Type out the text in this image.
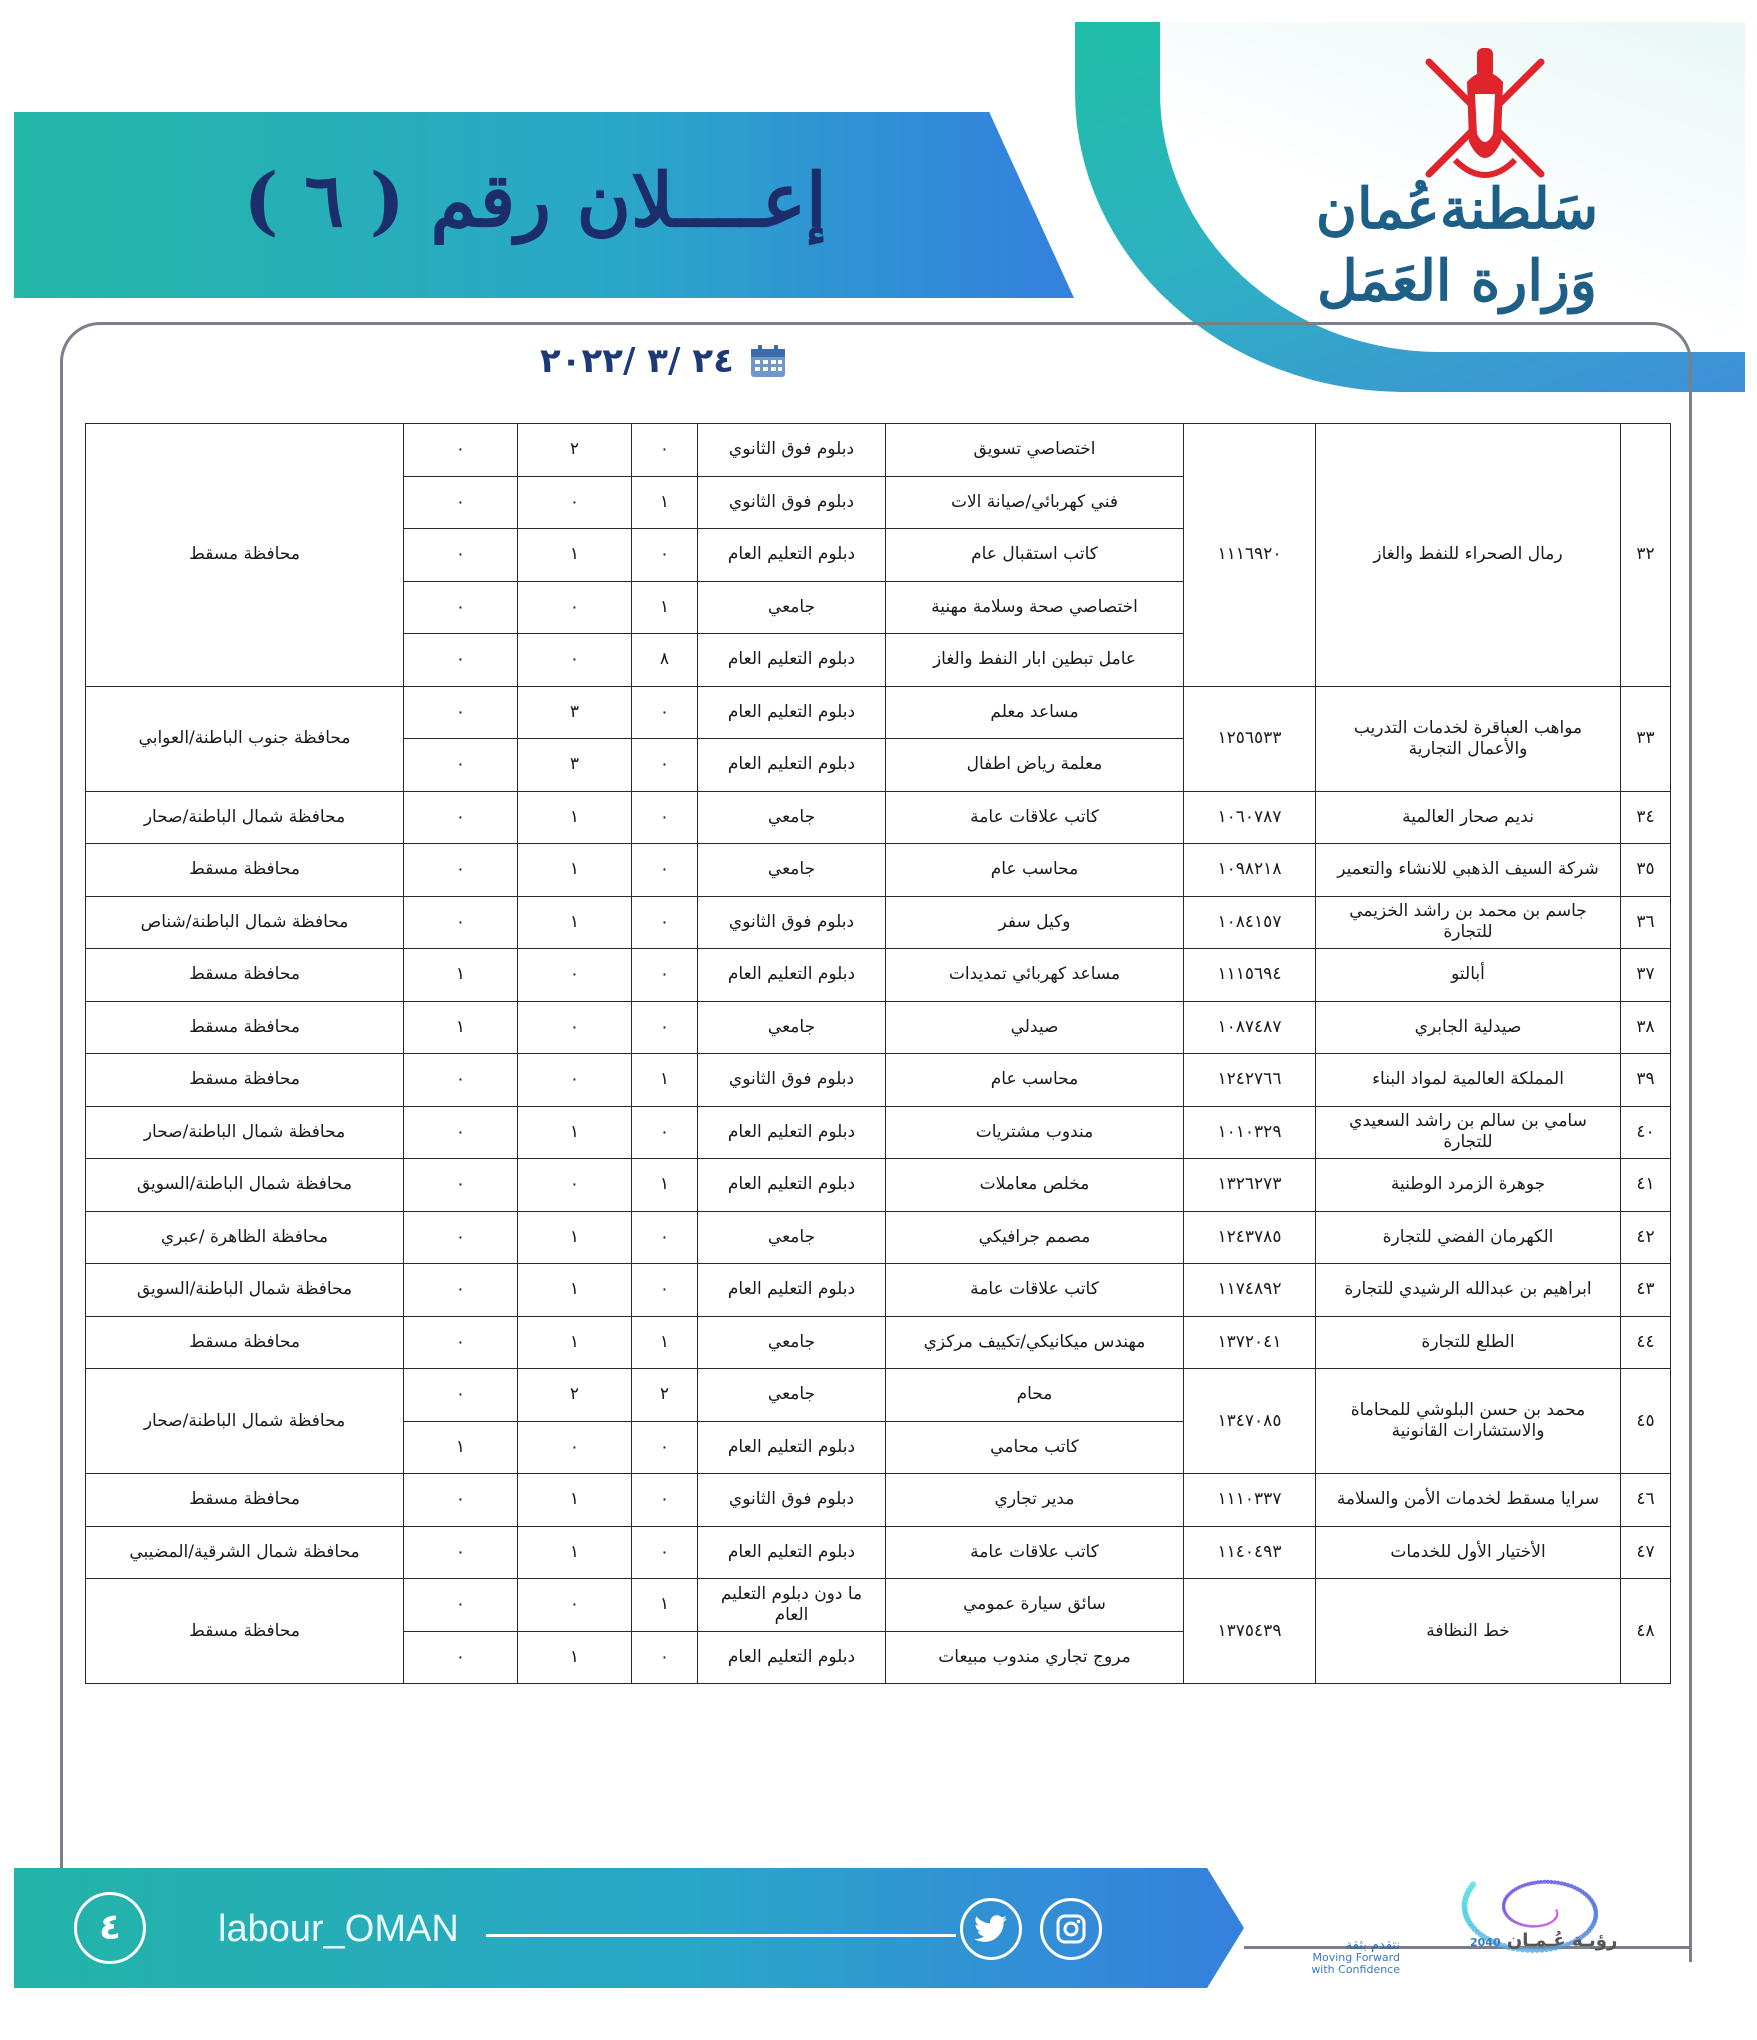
سَلطنةعُمان
وَزارة العَمَل
إعــــلان رقم ( ٦ )
٢٤ /٣ /٢٠٢٢
٣٢	رمال الصحراء للنفط والغاز	١١١٦٩٢٠	اختصاصي تسويق	دبلوم فوق الثانوي	٠	٢	٠	محافظة مسقط
			فني كهربائي/صيانة الات	دبلوم فوق الثانوي	١	٠	٠	
			كاتب استقبال عام	دبلوم التعليم العام	٠	١	٠	
			اختصاصي صحة وسلامة مهنية	جامعي	١	٠	٠	
			عامل تبطين ابار النفط والغاز	دبلوم التعليم العام	٨	٠	٠	
٣٣	مواهب العباقرة لخدمات التدريب والأعمال التجارية	١٢٥٦٥٣٣	مساعد معلم	دبلوم التعليم العام	٠	٣	٠	محافظة جنوب الباطنة/العوابي
			معلمة رياض اطفال	دبلوم التعليم العام	٠	٣	٠	
٣٤	نديم صحار العالمية	١٠٦٠٧٨٧	كاتب علاقات عامة	جامعي	٠	١	٠	محافظة شمال الباطنة/صحار
٣٥	شركة السيف الذهبي للانشاء والتعمير	١٠٩٨٢١٨	محاسب عام	جامعي	٠	١	٠	محافظة مسقط
٣٦	جاسم بن محمد بن راشد الخزيمي للتجارة	١٠٨٤١٥٧	وكيل سفر	دبلوم فوق الثانوي	٠	١	٠	محافظة شمال الباطنة/شناص
٣٧	أبالتو	١١١٥٦٩٤	مساعد كهربائي تمديدات	دبلوم التعليم العام	٠	٠	١	محافظة مسقط
٣٨	صيدلية الجابري	١٠٨٧٤٨٧	صيدلي	جامعي	٠	٠	١	محافظة مسقط
٣٩	المملكة العالمية لمواد البناء	١٢٤٢٧٦٦	محاسب عام	دبلوم فوق الثانوي	١	٠	٠	محافظة مسقط
٤٠	سامي بن سالم بن راشد السعيدي للتجارة	١٠١٠٣٢٩	مندوب مشتريات	دبلوم التعليم العام	٠	١	٠	محافظة شمال الباطنة/صحار
٤١	جوهرة الزمرد الوطنية	١٣٢٦٢٧٣	مخلص معاملات	دبلوم التعليم العام	١	٠	٠	محافظة شمال الباطنة/السويق
٤٢	الكهرمان الفضي للتجارة	١٢٤٣٧٨٥	مصمم جرافيكي	جامعي	٠	١	٠	محافظة الظاهرة /عبري
٤٣	ابراهيم بن عبدالله الرشيدي للتجارة	١١٧٤٨٩٢	كاتب علاقات عامة	دبلوم التعليم العام	٠	١	٠	محافظة شمال الباطنة/السويق
٤٤	الطلع للتجارة	١٣٧٢٠٤١	مهندس ميكانيكي/تكييف مركزي	جامعي	١	١	٠	محافظة مسقط
٤٥	محمد بن حسن البلوشي للمحاماة والاستشارات القانونية	١٣٤٧٠٨٥	محام	جامعي	٢	٢	٠	محافظة شمال الباطنة/صحار
			كاتب محامي	دبلوم التعليم العام	٠	٠	١	
٤٦	سرايا مسقط لخدمات الأمن والسلامة	١١١٠٣٣٧	مدير تجاري	دبلوم فوق الثانوي	٠	١	٠	محافظة مسقط
٤٧	الأختيار الأول للخدمات	١١٤٠٤٩٣	كاتب علاقات عامة	دبلوم التعليم العام	٠	١	٠	محافظة شمال الشرقية/المضيبي
٤٨	خط النظافة	١٣٧٥٤٣٩	سائق سيارة عمومي	ما دون دبلوم التعليم العام	١	٠	٠	محافظة مسقط
			مروج تجاري مندوب مبيعات	دبلوم التعليم العام	٠	١	٠	
٤	labour_OMAN	رؤيـة عُـمـان 2040
نتقدم بثقة
Moving Forward with Confidence
